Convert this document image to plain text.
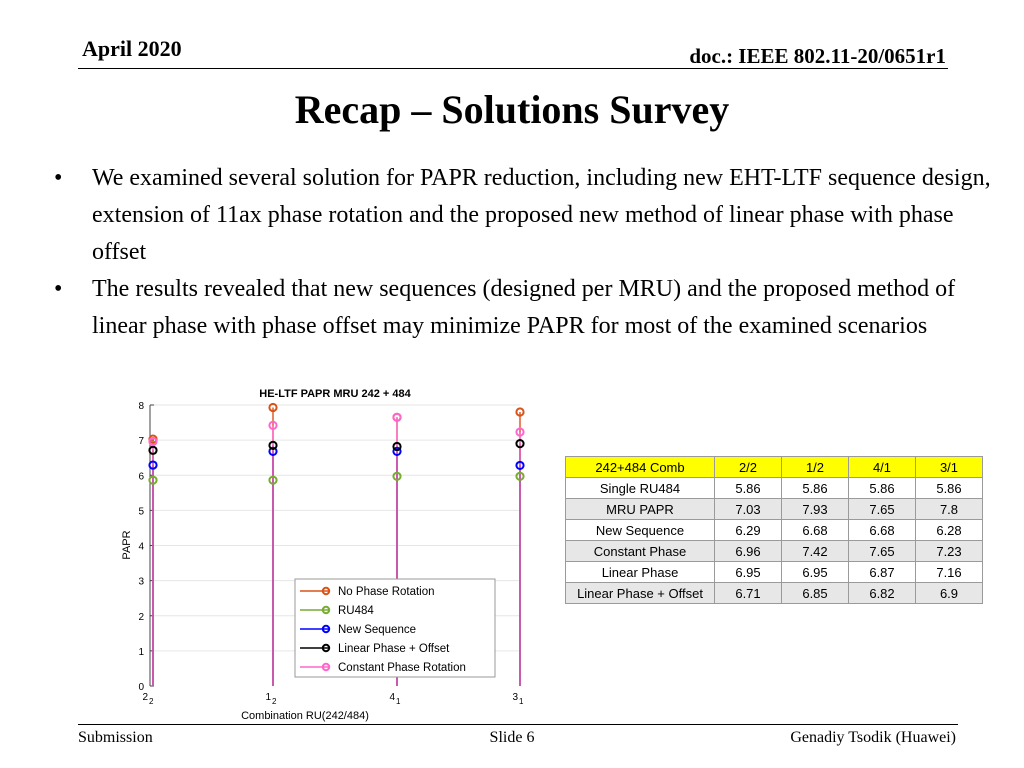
April 2020	doc.: IEEE 802.11-20/0651r1
Recap – Solutions Survey
• We examined several solution for PAPR reduction, including new EHT-LTF sequence design, extension of 11ax phase rotation and the proposed new method of linear phase with phase offset
• The results revealed that new sequences (designed per MRU) and the proposed method of linear phase with phase offset may minimize PAPR for most of the examined scenarios
0
1
2
3
4
5
6
7
8
$2_2$	$1_2$	$4_1$	$3_1$
HE-LTF PAPR MRU 242 + 484
Combination RU(242/484)
PAPR
No Phase Rotation
RU484
New Sequence
Linear Phase + Offset
Constant Phase Rotation
242+484 Comb	2/2	1/2	4/1	3/1
Single RU484	5.86	5.86	5.86	5.86
MRU PAPR	7.03	7.93	7.65	7.8
New Sequence	6.29	6.68	6.68	6.28
Constant Phase	6.96	7.42	7.65	7.23
Linear Phase	6.95	6.95	6.87	7.16
Linear Phase + Offset	6.71	6.85	6.82	6.9
Submission	Slide 6	Genadiy Tsodik (Huawei)
